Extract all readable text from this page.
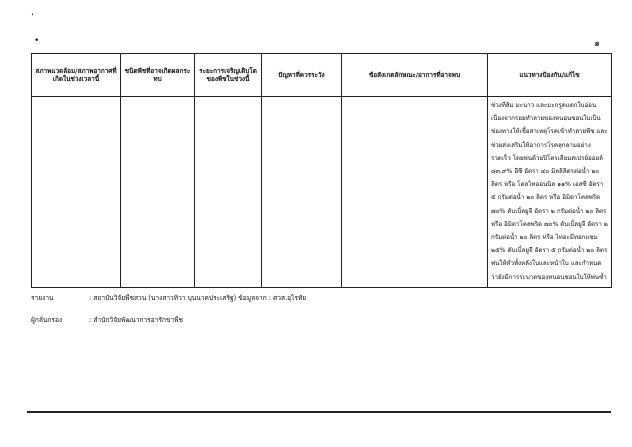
’
•	๑
สภาพแวดล้อม/สภาพอากาศที่เกิดในช่วงเวลานี้	ชนิดพืชที่อาจเกิดผลกระทบ	ระยะการเจริญเติบโตของพืชในช่วงนี้	ปัญหาที่ควรระวัง	ข้อสังเกตลักษณะ/อาการที่อาจพบ	แนวทางป้องกัน/แก้ไข
					ช่วงที่ส้ม มะนาว และมะกรูดแตกใบอ่อน เนื่องจากรอยทำลายของหนอนชอนใบเป็นช่องทางให้เชื้อสาเหตุโรคเข้าทำลายพืช และช่วยส่งเสริมให้อาการโรคลุกลามอย่างรวดเร็ว โดยพ่นด้วยปิโตรเลียมสเปรย์ออยล์ ๘๓.๙% อีซี อัตรา ๔๐ มิลลิลิตรต่อน้ำ ๒๐ ลิตร หรือ โตลไทออนนิล ๑๑% เอสซี อัตรา ๕ กรัมต่อน้ำ ๒๐ ลิตร หรือ อิมิดาโคลพริด ๗๐% ดับเบิ้ลยูจี อัตรา ๒ กรัมต่อน้ำ ๒๐ ลิตร หรือ อิมิดาโคลพริด ๗๐% ดับเบิ้ลยูจี อัตรา ๒ กรัมต่อน้ำ ๒๐ ลิตร หรือ ไทอะมีทอกแซม ๒๕% ดับเบิ้ลยูจี อัตรา ๕ กรัมต่อน้ำ ๒๐ ลิตร พ่นให้ทั่วทั้งหลังใบและหน้าใบ และกำหนดว่ายังมีการระบาดของหนอนชอนใบให้พ่นซ้ำ
รายงาน	: สถาบันวิจัยพืชสวน (นางสาวทิวา บุนนาคประเสริฐ) ข้อมูลจาก : ศวส.อุไรทัย
ผู้กลั่นกรอง	: สำนักวิจัยพัฒนาการอารักขาพืช
